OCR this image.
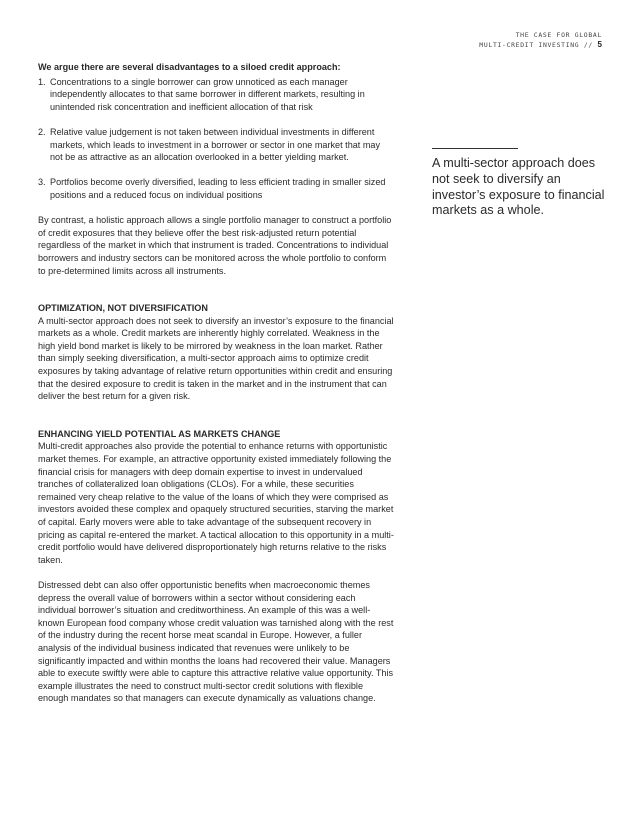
THE CASE FOR GLOBAL
MULTI-CREDIT INVESTING // 5

We argue there are several disadvantages to a siloed credit approach:

1. Concentrations to a single borrower can grow unnoticed as each manager independently allocates to that same borrower in different markets, resulting in unintended risk concentration and inefficient allocation of that risk
2. Relative value judgement is not taken between individual investments in different markets, which leads to investment in a borrower or sector in one market that may not be as attractive as an allocation overlooked in a better yielding market.
3. Portfolios become overly diversified, leading to less efficient trading in smaller sized positions and a reduced focus on individual positions

By contrast, a holistic approach allows a single portfolio manager to construct a portfolio of credit exposures that they believe offer the best risk-adjusted return potential regardless of the market in which that instrument is traded. Concentrations to individual borrowers and industry sectors can be monitored across the whole portfolio to conform to pre-determined limits across all instruments.

OPTIMIZATION, NOT DIVERSIFICATION

A multi-sector approach does not seek to diversify an investor’s exposure to the financial markets as a whole. Credit markets are inherently highly correlated. Weakness in the high yield bond market is likely to be mirrored by weakness in the loan market. Rather than simply seeking diversification, a multi-sector approach aims to optimize credit exposures by taking advantage of relative return opportunities within credit and ensuring that the desired exposure to credit is taken in the market and in the instrument that can deliver the best return for a given risk.

ENHANCING YIELD POTENTIAL AS MARKETS CHANGE

Multi-credit approaches also provide the potential to enhance returns with opportunistic market themes. For example, an attractive opportunity existed immediately following the financial crisis for managers with deep domain expertise to invest in undervalued tranches of collateralized loan obligations (CLOs). For a while, these securities remained very cheap relative to the value of the loans of which they were comprised as investors avoided these complex and opaquely structured securities, starving the market of capital. Early movers were able to take advantage of the subsequent recovery in pricing as capital re-entered the market. A tactical allocation to this opportunity in a multi-credit portfolio would have delivered disproportionately high returns relative to the risks taken.

Distressed debt can also offer opportunistic benefits when macroeconomic themes depress the overall value of borrowers within a sector without considering each individual borrower’s situation and creditworthiness. An example of this was a well-known European food company whose credit valuation was tarnished along with the rest of the industry during the recent horse meat scandal in Europe. However, a fuller analysis of the individual business indicated that revenues were unlikely to be significantly impacted and within months the loans had recovered their value. Managers able to execute swiftly were able to capture this attractive relative value opportunity. This example illustrates the need to construct multi-sector credit solutions with flexible enough mandates so that managers can execute dynamically as valuations change.

A multi-sector approach does not seek to diversify an investor’s exposure to financial markets as a whole.
